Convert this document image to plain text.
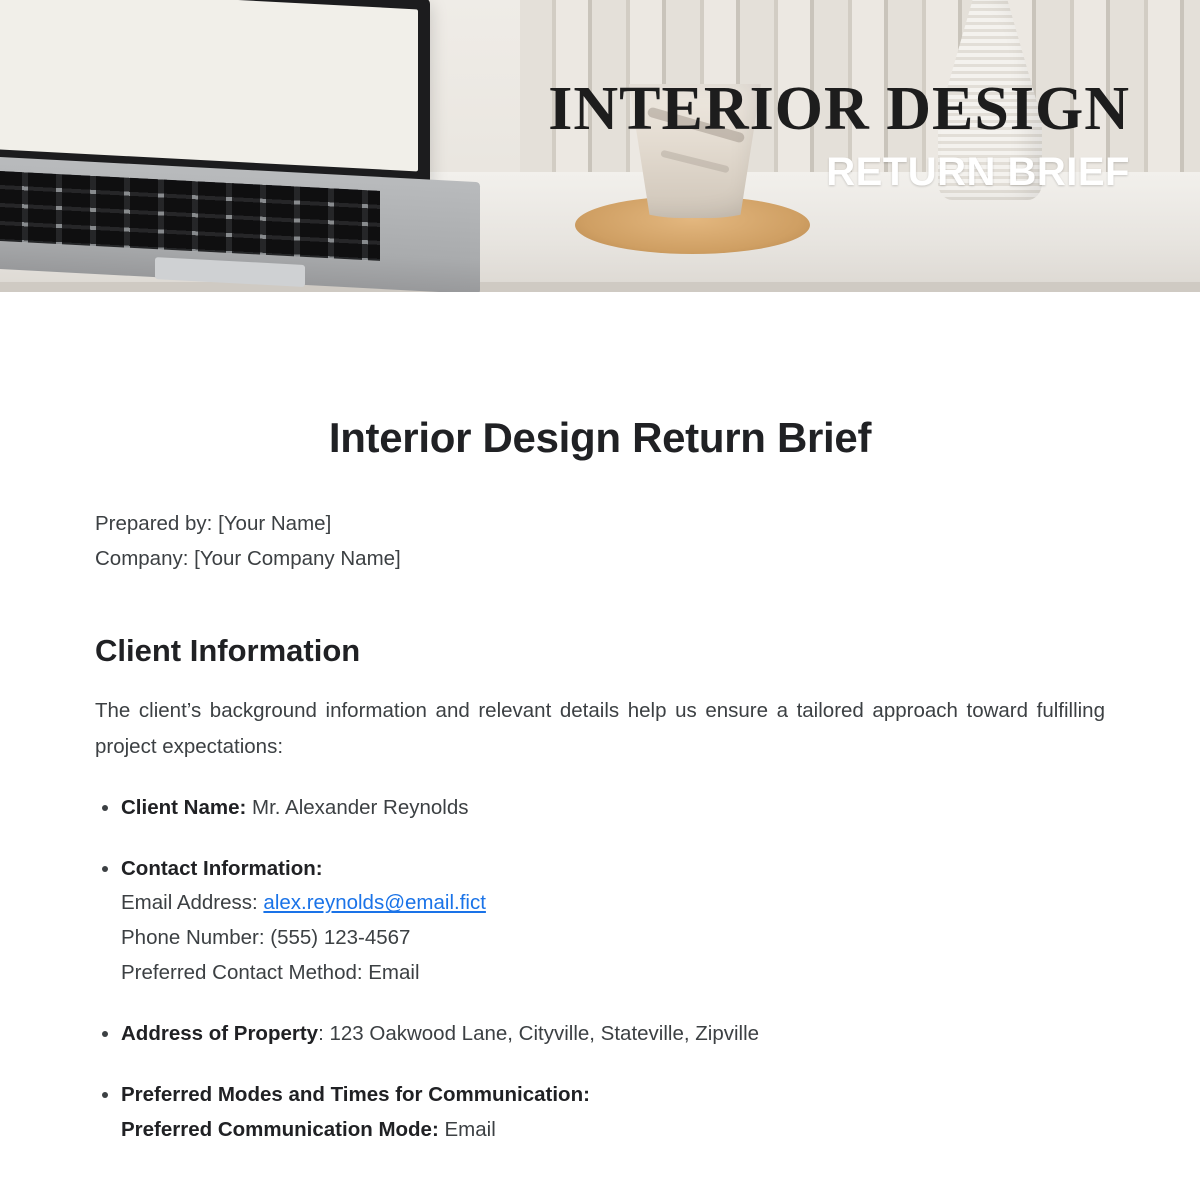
INTERIOR DESIGN
RETURN BRIEF
Interior Design Return Brief
Prepared by: [Your Name]
Company: [Your Company Name]
Client Information

The client’s background information and relevant details help us ensure a tailored approach toward fulfilling project expectations:

• Client Name: Mr. Alexander Reynolds
• Contact Information:
Email Address: alex.reynolds@email.fict
Phone Number: (555) 123-4567
Preferred Contact Method: Email
• Address of Property: 123 Oakwood Lane, Cityville, Stateville, Zipville
• Preferred Modes and Times for Communication:
Preferred Communication Mode: Email
